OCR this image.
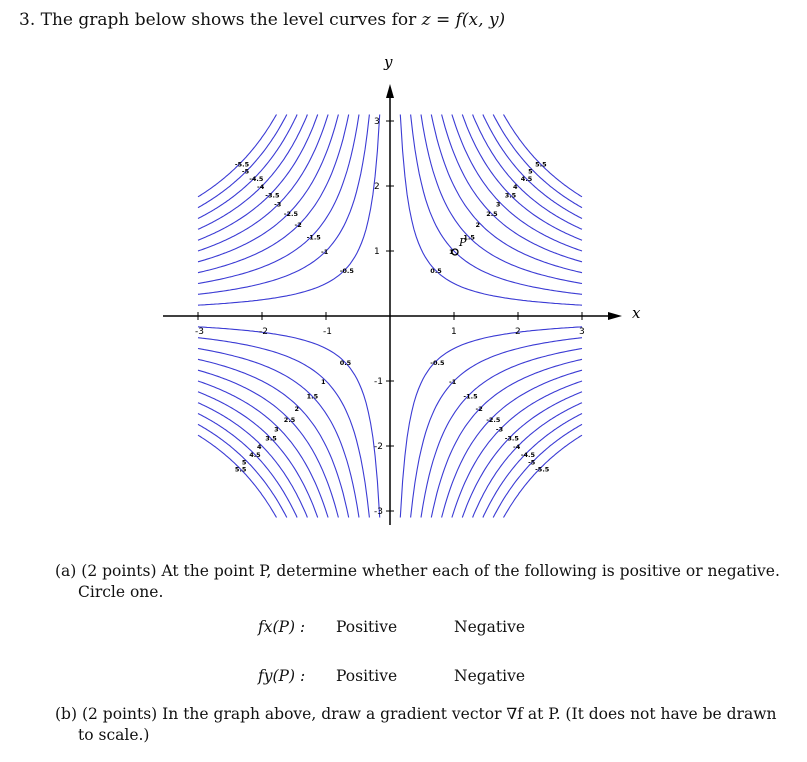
3. The graph below shows the level curves for z = f(x, y)
-3	-2	-1	1	2	3
3
2
1
-1
-2
-3
0.5
-0.5
0.5	-0.5
1
-1
1	-1
1.5
-1.5
1.5	-1.5
2
-2
2	-2
2.5
-2.5
2.5	-2.5
3
-3
3	-3
3.5
-3.5
3.5	-3.5
4
-4
4	-4
4.5
-4.5
4.5	-4.5
5
-5
5	-5
5.5
-5.5
5.5	-5.5
x
y
P
(a) (2 points) At the point P, determine whether each of the following is positive or negative.
Circle one.
fx(P) : Positive	Negative
fy(P) : Positive	Negative
(b) (2 points) In the graph above, draw a gradient vector ∇f at P. (It does not have be drawn
to scale.)
